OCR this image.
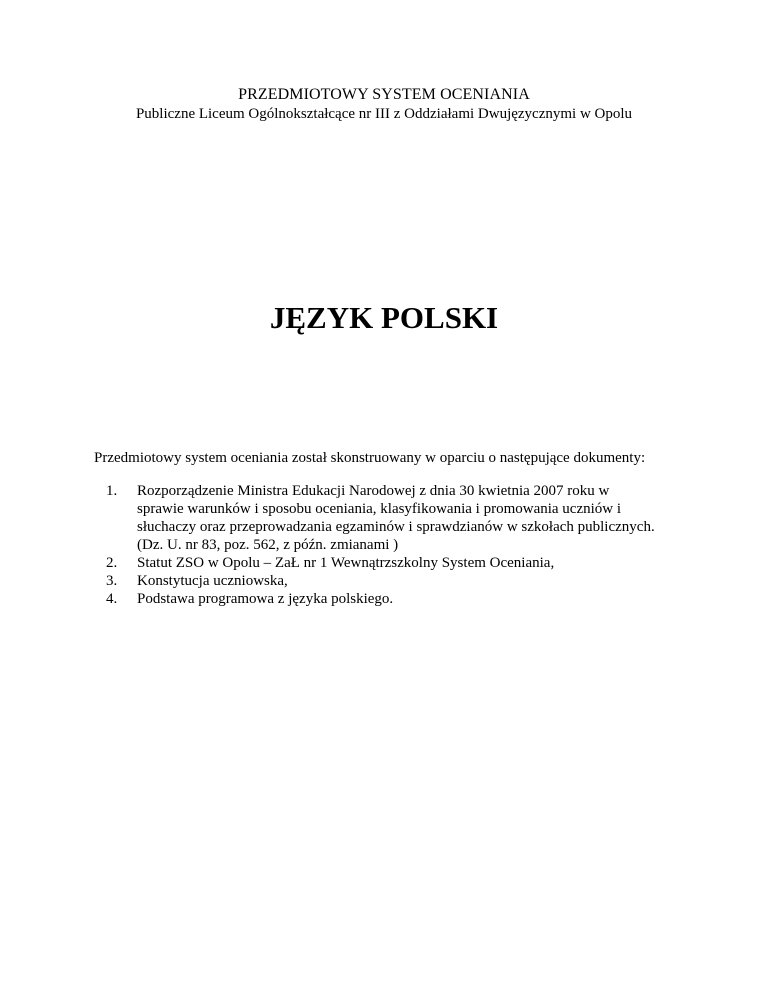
PRZEDMIOTOWY SYSTEM OCENIANIA
Publiczne Liceum Ogólnokształcące nr III z Oddziałami Dwujęzycznymi w Opolu
JĘZYK POLSKI
Przedmiotowy system oceniania został skonstruowany w oparciu o następujące dokumenty:
1. Rozporządzenie Ministra Edukacji Narodowej z dnia 30 kwietnia 2007 roku w
sprawie warunków i sposobu oceniania, klasyfikowania i promowania uczniów i
słuchaczy oraz przeprowadzania egzaminów i sprawdzianów w szkołach publicznych.
(Dz. U. nr 83, poz. 562, z późn. zmianami )
2. Statut ZSO w Opolu – ZaŁ nr 1 Wewnątrzszkolny System Oceniania,
3. Konstytucja uczniowska,
4. Podstawa programowa z języka polskiego.
